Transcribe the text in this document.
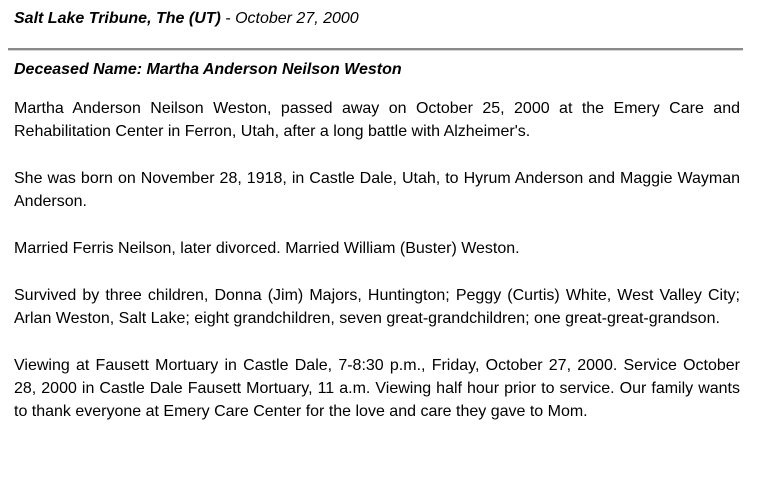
Salt Lake Tribune, The (UT) - October 27, 2000
Deceased Name: Martha Anderson Neilson Weston

Martha Anderson Neilson Weston, passed away on October 25, 2000 at the Emery Care and Rehabilitation Center in Ferron, Utah, after a long battle with Alzheimer's.

She was born on November 28, 1918, in Castle Dale, Utah, to Hyrum Anderson and Maggie Wayman Anderson.

Married Ferris Neilson, later divorced. Married William (Buster) Weston.

Survived by three children, Donna (Jim) Majors, Huntington; Peggy (Curtis) White, West Valley City; Arlan Weston, Salt Lake; eight grandchildren, seven great-grandchildren; one great-great-grandson.

Viewing at Fausett Mortuary in Castle Dale, 7-8:30 p.m., Friday, October 27, 2000. Service October 28, 2000 in Castle Dale Fausett Mortuary, 11 a.m. Viewing half hour prior to service. Our family wants to thank everyone at Emery Care Center for the love and care they gave to Mom.
